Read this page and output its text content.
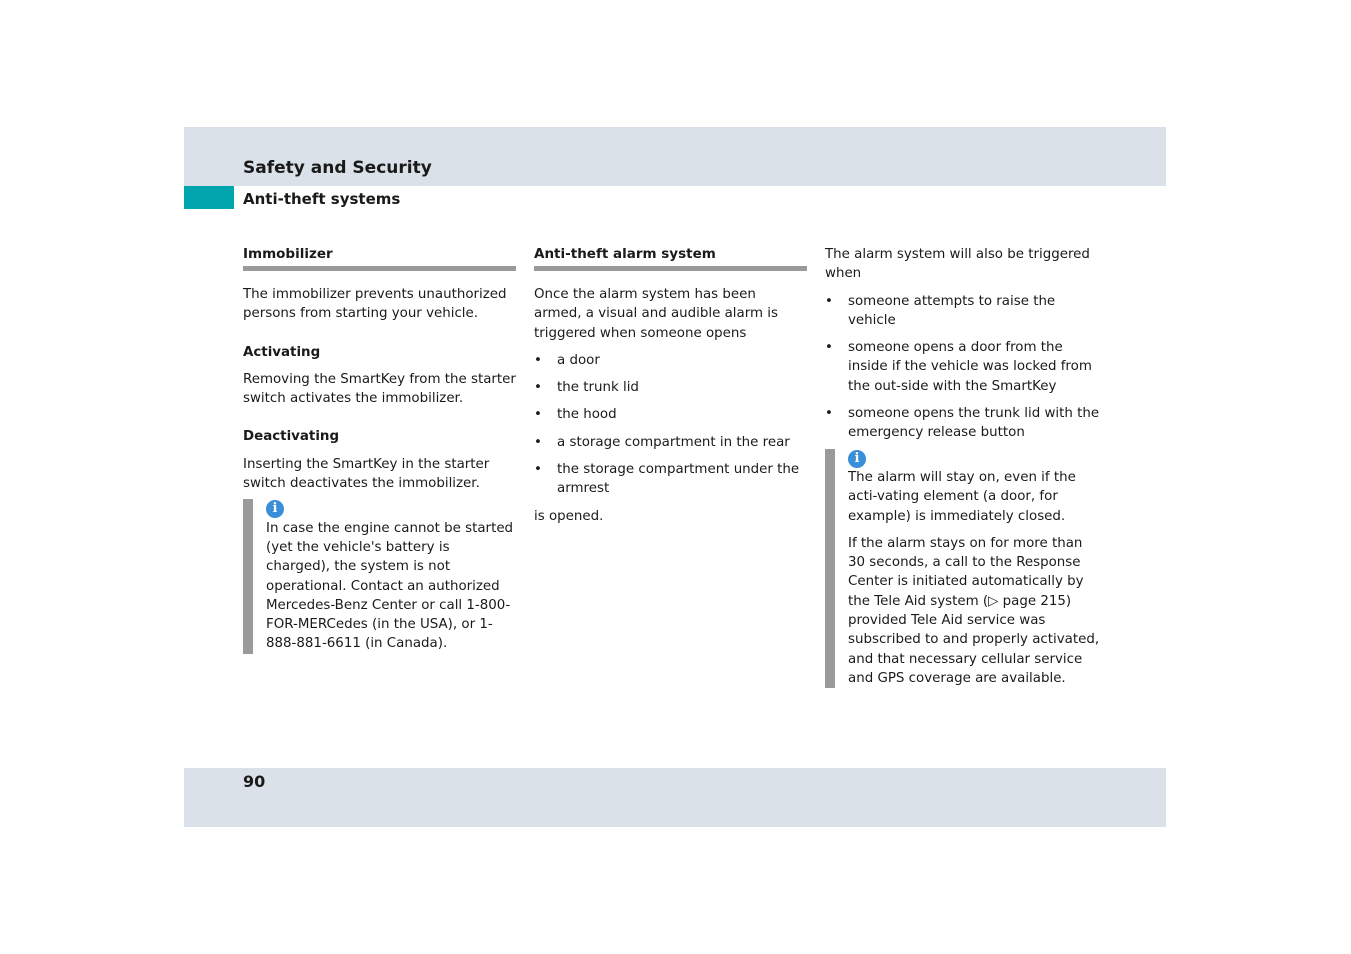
Safety and Security
Anti-theft systems
Immobilizer

The immobilizer prevents unauthorized persons from starting your vehicle.

Activating

Removing the SmartKey from the starter switch activates the immobilizer.

Deactivating

Inserting the SmartKey in the starter switch deactivates the immobilizer.

i

In case the engine cannot be started (yet the vehicle's battery is charged), the system is not operational. Contact an authorized Mercedes-Benz Center or call 1-800-FOR-MERCedes (in the USA), or 1-888-881-6611 (in Canada).

Anti-theft alarm system

Once the alarm system has been armed, a visual and audible alarm is triggered when someone opens

• a door
• the trunk lid
• the hood
• a storage compartment in the rear
• the storage compartment under the armrest

is opened.

The alarm system will also be triggered when

• someone attempts to raise the vehicle
• someone opens a door from the inside if the vehicle was locked from the out-side with the SmartKey
• someone opens the trunk lid with the emergency release button
i

The alarm will stay on, even if the acti-vating element (a door, for example) is immediately closed.

If the alarm stays on for more than 30 seconds, a call to the Response Center is initiated automatically by the Tele Aid system (▷ page 215) provided Tele Aid service was subscribed to and properly activated, and that necessary cellular service and GPS coverage are available.

90
